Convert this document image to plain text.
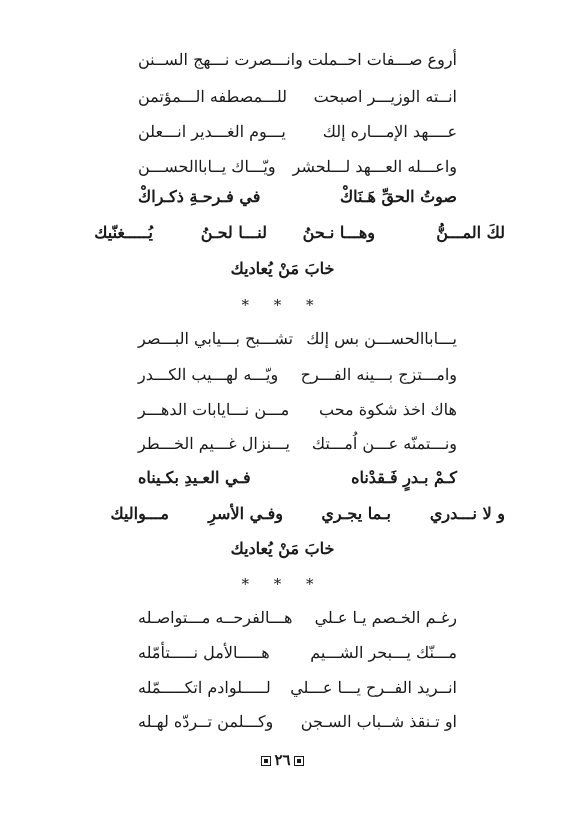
أروع صـــفات احــملت
وانـــصرت نـــهج الســنن
انــته الوزيـــر اصبحت
للـــمصطفه الـــمؤتمن
عــــهد الإمـــاره إلك
يـــوم الغـــدير انـــعلن
واعـــله العـــهد لـــلحشر
ويّـــاك يــاباالحســـن
صوتُ الحقِّ هَـنَاكْ
في فـرحـةِ ذكـراكْ
لكَ المـــنُّ
وهـــا نـحنُ
لنـــا لحـنُ
يُـــــغنّيك
خابَ مَنْ يُعاديك
* * *
يـــاباالحســـن بس إلك
تشـــبح بـــيابي البـــصر
وامـــتزج بـــينه الفـــرح
ويّـــه لهـــيب الكـــدر
هاك اخذ شكوة محب
مـــن نـــايابات الدهـــر
ونـــتمنّه عـــن اُمـــتك
يـــنزال غـــيم الخـــطر
كـمْ بـدرٍ فَـقدْناه
فـي العـيدِ بكـيناه
و لا نـــدري
بـما يجـري
وفـي الأسرِ
مـــواليك
خابَ مَنْ يُعاديك
* * *
رغـم الخـصم يـا عـلي
هـــالفرحــه مـــتواصـله
مـــنّك يـــبحر الشـــيم
هـــــالأمل نـــــتأمّله
انــريد الفــرح يـــا عـــلي
لـــــلوادم اتكـــــمّله
او تـنقذ شــباب السـجن
وكـــلمن تــردّه لهـله
٢٦
